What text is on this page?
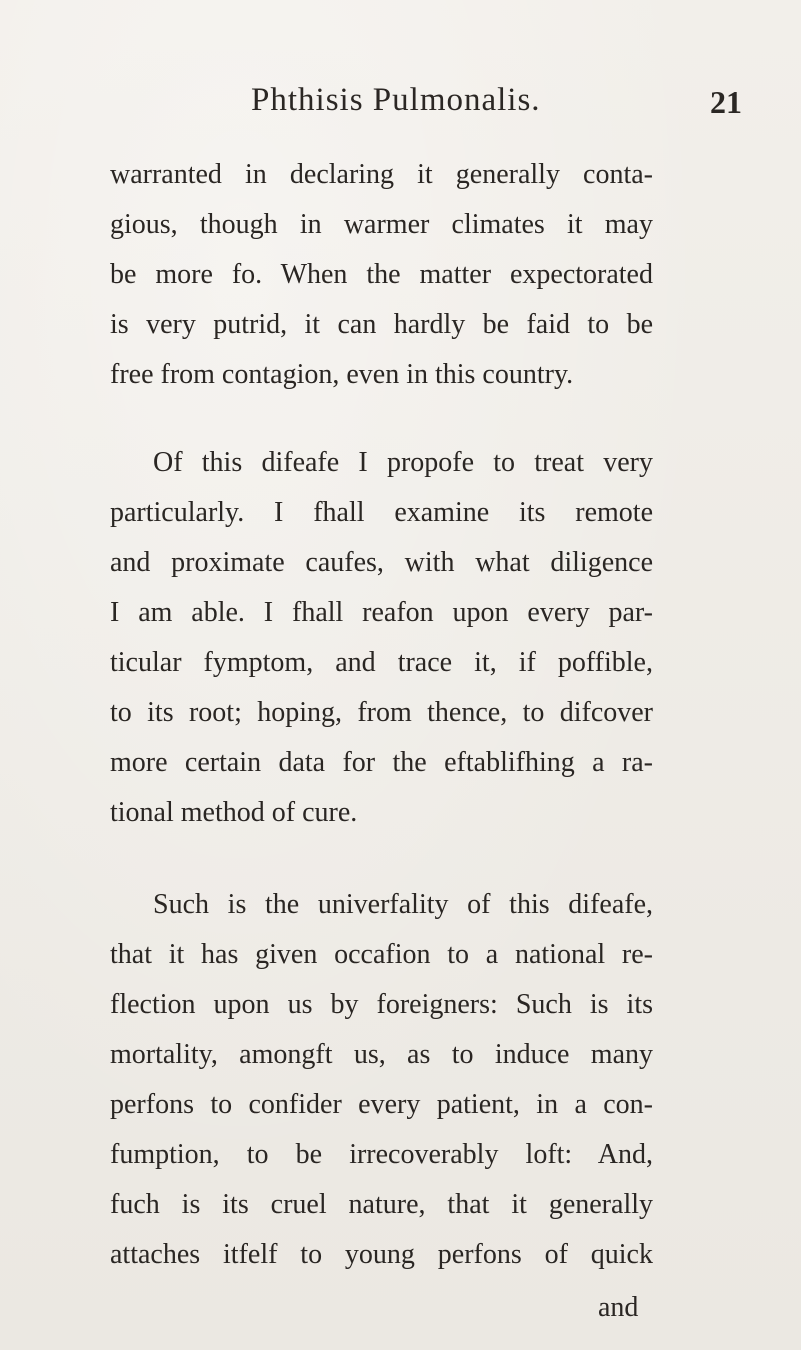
Phthisis Pulmonalis.	21
warranted in declaring it generally conta-
gious, though in warmer climates it may
be more fo. When the matter expectorated
is very putrid, it can hardly be faid to be
free from contagion, even in this country.
Of this difeafe I propofe to treat very
particularly. I fhall examine its remote
and proximate caufes, with what diligence
I am able. I fhall reafon upon every par-
ticular fymptom, and trace it, if poffible,
to its root; hoping, from thence, to difcover
more certain data for the eftablifhing a ra-
tional method of cure.
Such is the univerfality of this difeafe,
that it has given occafion to a national re-
flection upon us by foreigners: Such is its
mortality, amongft us, as to induce many
perfons to confider every patient, in a con-
fumption, to be irrecoverably loft: And,
fuch is its cruel nature, that it generally
attaches itfelf to young perfons of quick
and
